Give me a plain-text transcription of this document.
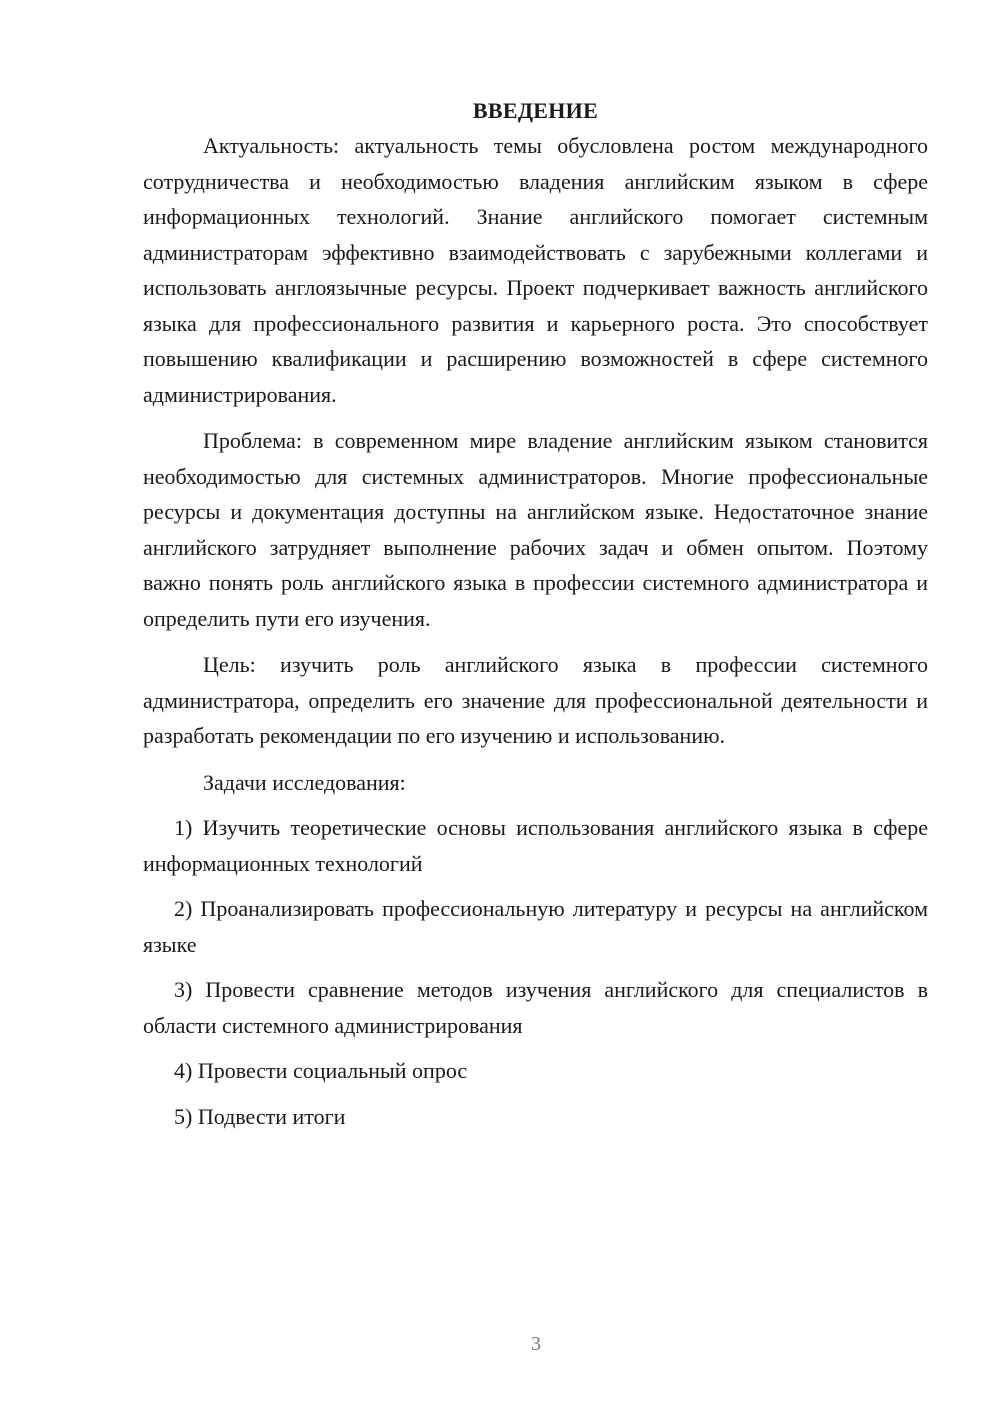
ВВЕДЕНИЕ

Актуальность: актуальность темы обусловлена ростом международного сотрудничества и необходимостью владения английским языком в сфере информационных технологий. Знание английского помогает системным администраторам эффективно взаимодействовать с зарубежными коллегами и использовать англоязычные ресурсы. Проект подчеркивает важность английского языка для профессионального развития и карьерного роста. Это способствует повышению квалификации и расширению возможностей в сфере системного администрирования.

Проблема: в современном мире владение английским языком становится необходимостью для системных администраторов. Многие профессиональные ресурсы и документация доступны на английском языке. Недостаточное знание английского затрудняет выполнение рабочих задач и обмен опытом. Поэтому важно понять роль английского языка в профессии системного администратора и определить пути его изучения.

Цель: изучить роль английского языка в профессии системного администратора, определить его значение для профессиональной деятельности и разработать рекомендации по его изучению и использованию.

Задачи исследования:

1) Изучить теоретические основы использования английского языка в сфере информационных технологий

2) Проанализировать профессиональную литературу и ресурсы на английском языке

3) Провести сравнение методов изучения английского для специалистов в области системного администрирования

4) Провести социальный опрос

5) Подвести итоги

3
